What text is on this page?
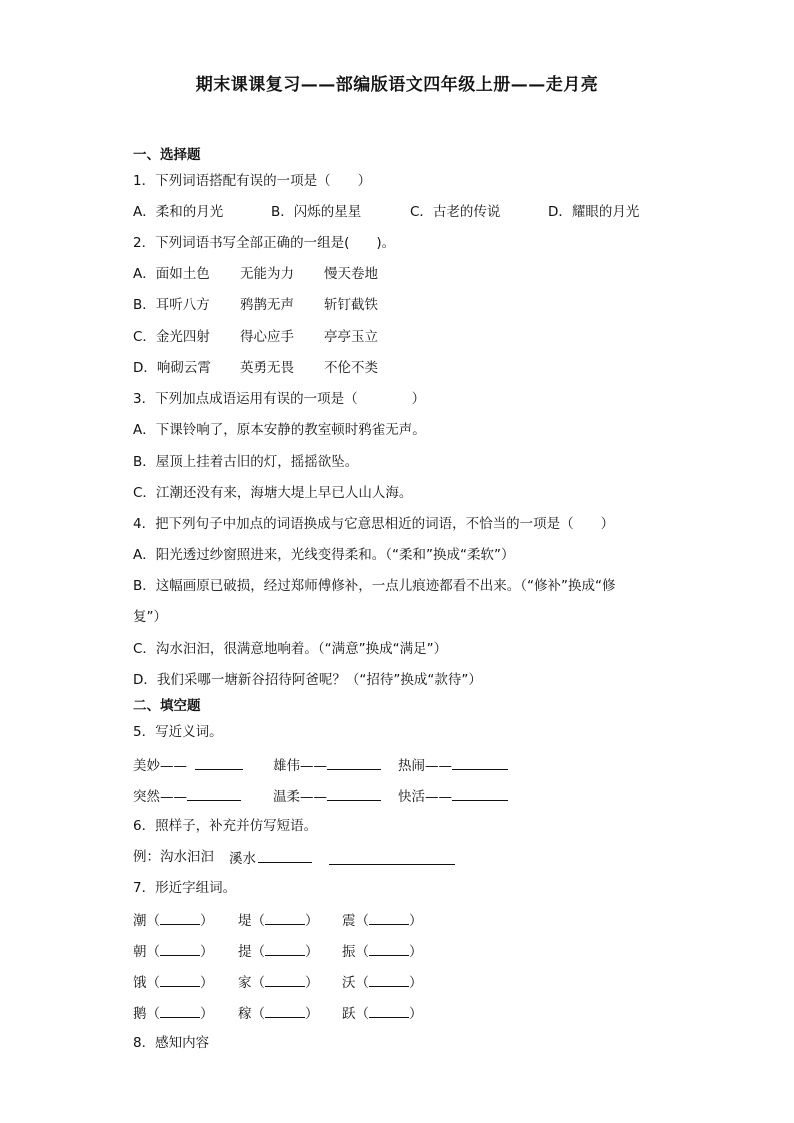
期末课课复习——部编版语文四年级上册——走月亮
一、选择题
1．下列词语搭配有误的一项是（　　）
A．柔和的月光	B．闪烁的星星	C．古老的传说	D．耀眼的月光
2．下列词语书写全部正确的一组是(　　)。
A．面如土色 无能为力 慢天卷地
B．耳听八方 鸦鹊无声 斩钉截铁
C．金光四射 得心应手 亭亭玉立
D．响砌云霄 英勇无畏 不伦不类
3．下列加点成语运用有误的一项是（　　　　）
A．下课铃响了，原本安静的教室顿时鸦雀无声。
B．屋顶上挂着古旧的灯，摇摇欲坠。
C．江潮还没有来，海塘大堤上早已人山人海。
4．把下列句子中加点的词语换成与它意思相近的词语，不恰当的一项是（　　）
A．阳光透过纱窗照进来，光线变得柔和。（“柔和”换成“柔软”）
B．这幅画原已破损，经过郑师傅修补，一点儿痕迹都看不出来。（“修补”换成“修
复”）
C．沟水汩汩，很满意地响着。（“满意”换成“满足”）
D．我们采哪一塘新谷招待阿爸呢？（“招待”换成“款待”）
二、填空题
5．写近义词。
美妙——	雄伟——	热闹——
突然——	温柔——	快活——
6．照样子，补充并仿写短语。
例：沟水汩汩 溪水
7．形近字组词。
潮（	） 堤（	） 震（	）
朝（	） 提（	） 振（	）
饿（	） 家（	） 沃（	）
鹅（	） 稼（	） 跃（	）
8．感知内容
